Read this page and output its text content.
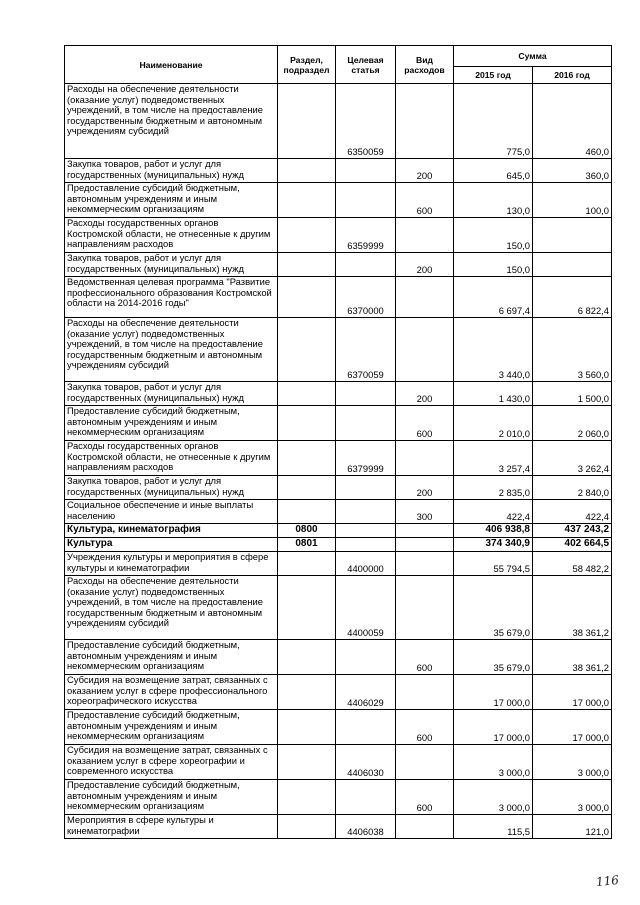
Наименование	Раздел, подраздел	Целевая статья	Вид расходов	Сумма	
				2015 год	2016 год
Расходы на обеспечение деятельности (оказание услуг) подведомственных учреждений, в том числе на предоставление государственным бюджетным и автономным учреждениям субсидий		6350059		775,0	460,0
Закупка товаров, работ и услуг для государственных (муниципальных) нужд			200	645,0	360,0
Предоставление субсидий бюджетным, автономным учреждениям и иным некоммерческим организациям			600	130,0	100,0
Расходы государственных органов Костромской области, не отнесенные к другим направлениям расходов		6359999		150,0	
Закупка товаров, работ и услуг для государственных (муниципальных) нужд			200	150,0	
Ведомственная целевая программа "Развитие профессионального образования Костромской области на 2014-2016 годы"		6370000		6 697,4	6 822,4
Расходы на обеспечение деятельности (оказание услуг) подведомственных учреждений, в том числе на предоставление государственным бюджетным и автономным учреждениям субсидий		6370059		3 440,0	3 560,0
Закупка товаров, работ и услуг для государственных (муниципальных) нужд			200	1 430,0	1 500,0
Предоставление субсидий бюджетным, автономным учреждениям и иным некоммерческим организациям			600	2 010,0	2 060,0
Расходы государственных органов Костромской области, не отнесенные к другим направлениям расходов		6379999		3 257,4	3 262,4
Закупка товаров, работ и услуг для государственных (муниципальных) нужд			200	2 835,0	2 840,0
Социальное обеспечение и иные выплаты населению			300	422,4	422,4
Культура, кинематография	0800			406 938,8	437 243,2
Культура	0801			374 340,9	402 664,5
Учреждения культуры и мероприятия в сфере культуры и кинематографии		4400000		55 794,5	58 482,2
Расходы на обеспечение деятельности (оказание услуг) подведомственных учреждений, в том числе на предоставление государственным бюджетным и автономным учреждениям субсидий		4400059		35 679,0	38 361,2
Предоставление субсидий бюджетным, автономным учреждениям и иным некоммерческим организациям			600	35 679,0	38 361,2
Субсидия на возмещение затрат, связанных с оказанием услуг в сфере профессионального хореографического искусства		4406029		17 000,0	17 000,0
Предоставление субсидий бюджетным, автономным учреждениям и иным некоммерческим организациям			600	17 000,0	17 000,0
Субсидия на возмещение затрат, связанных с оказанием услуг в сфере хореографии и современного искусства		4406030		3 000,0	3 000,0
Предоставление субсидий бюджетным, автономным учреждениям и иным некоммерческим организациям			600	3 000,0	3 000,0
Мероприятия в сфере культуры и кинематографии		4406038		115,5	121,0
116
